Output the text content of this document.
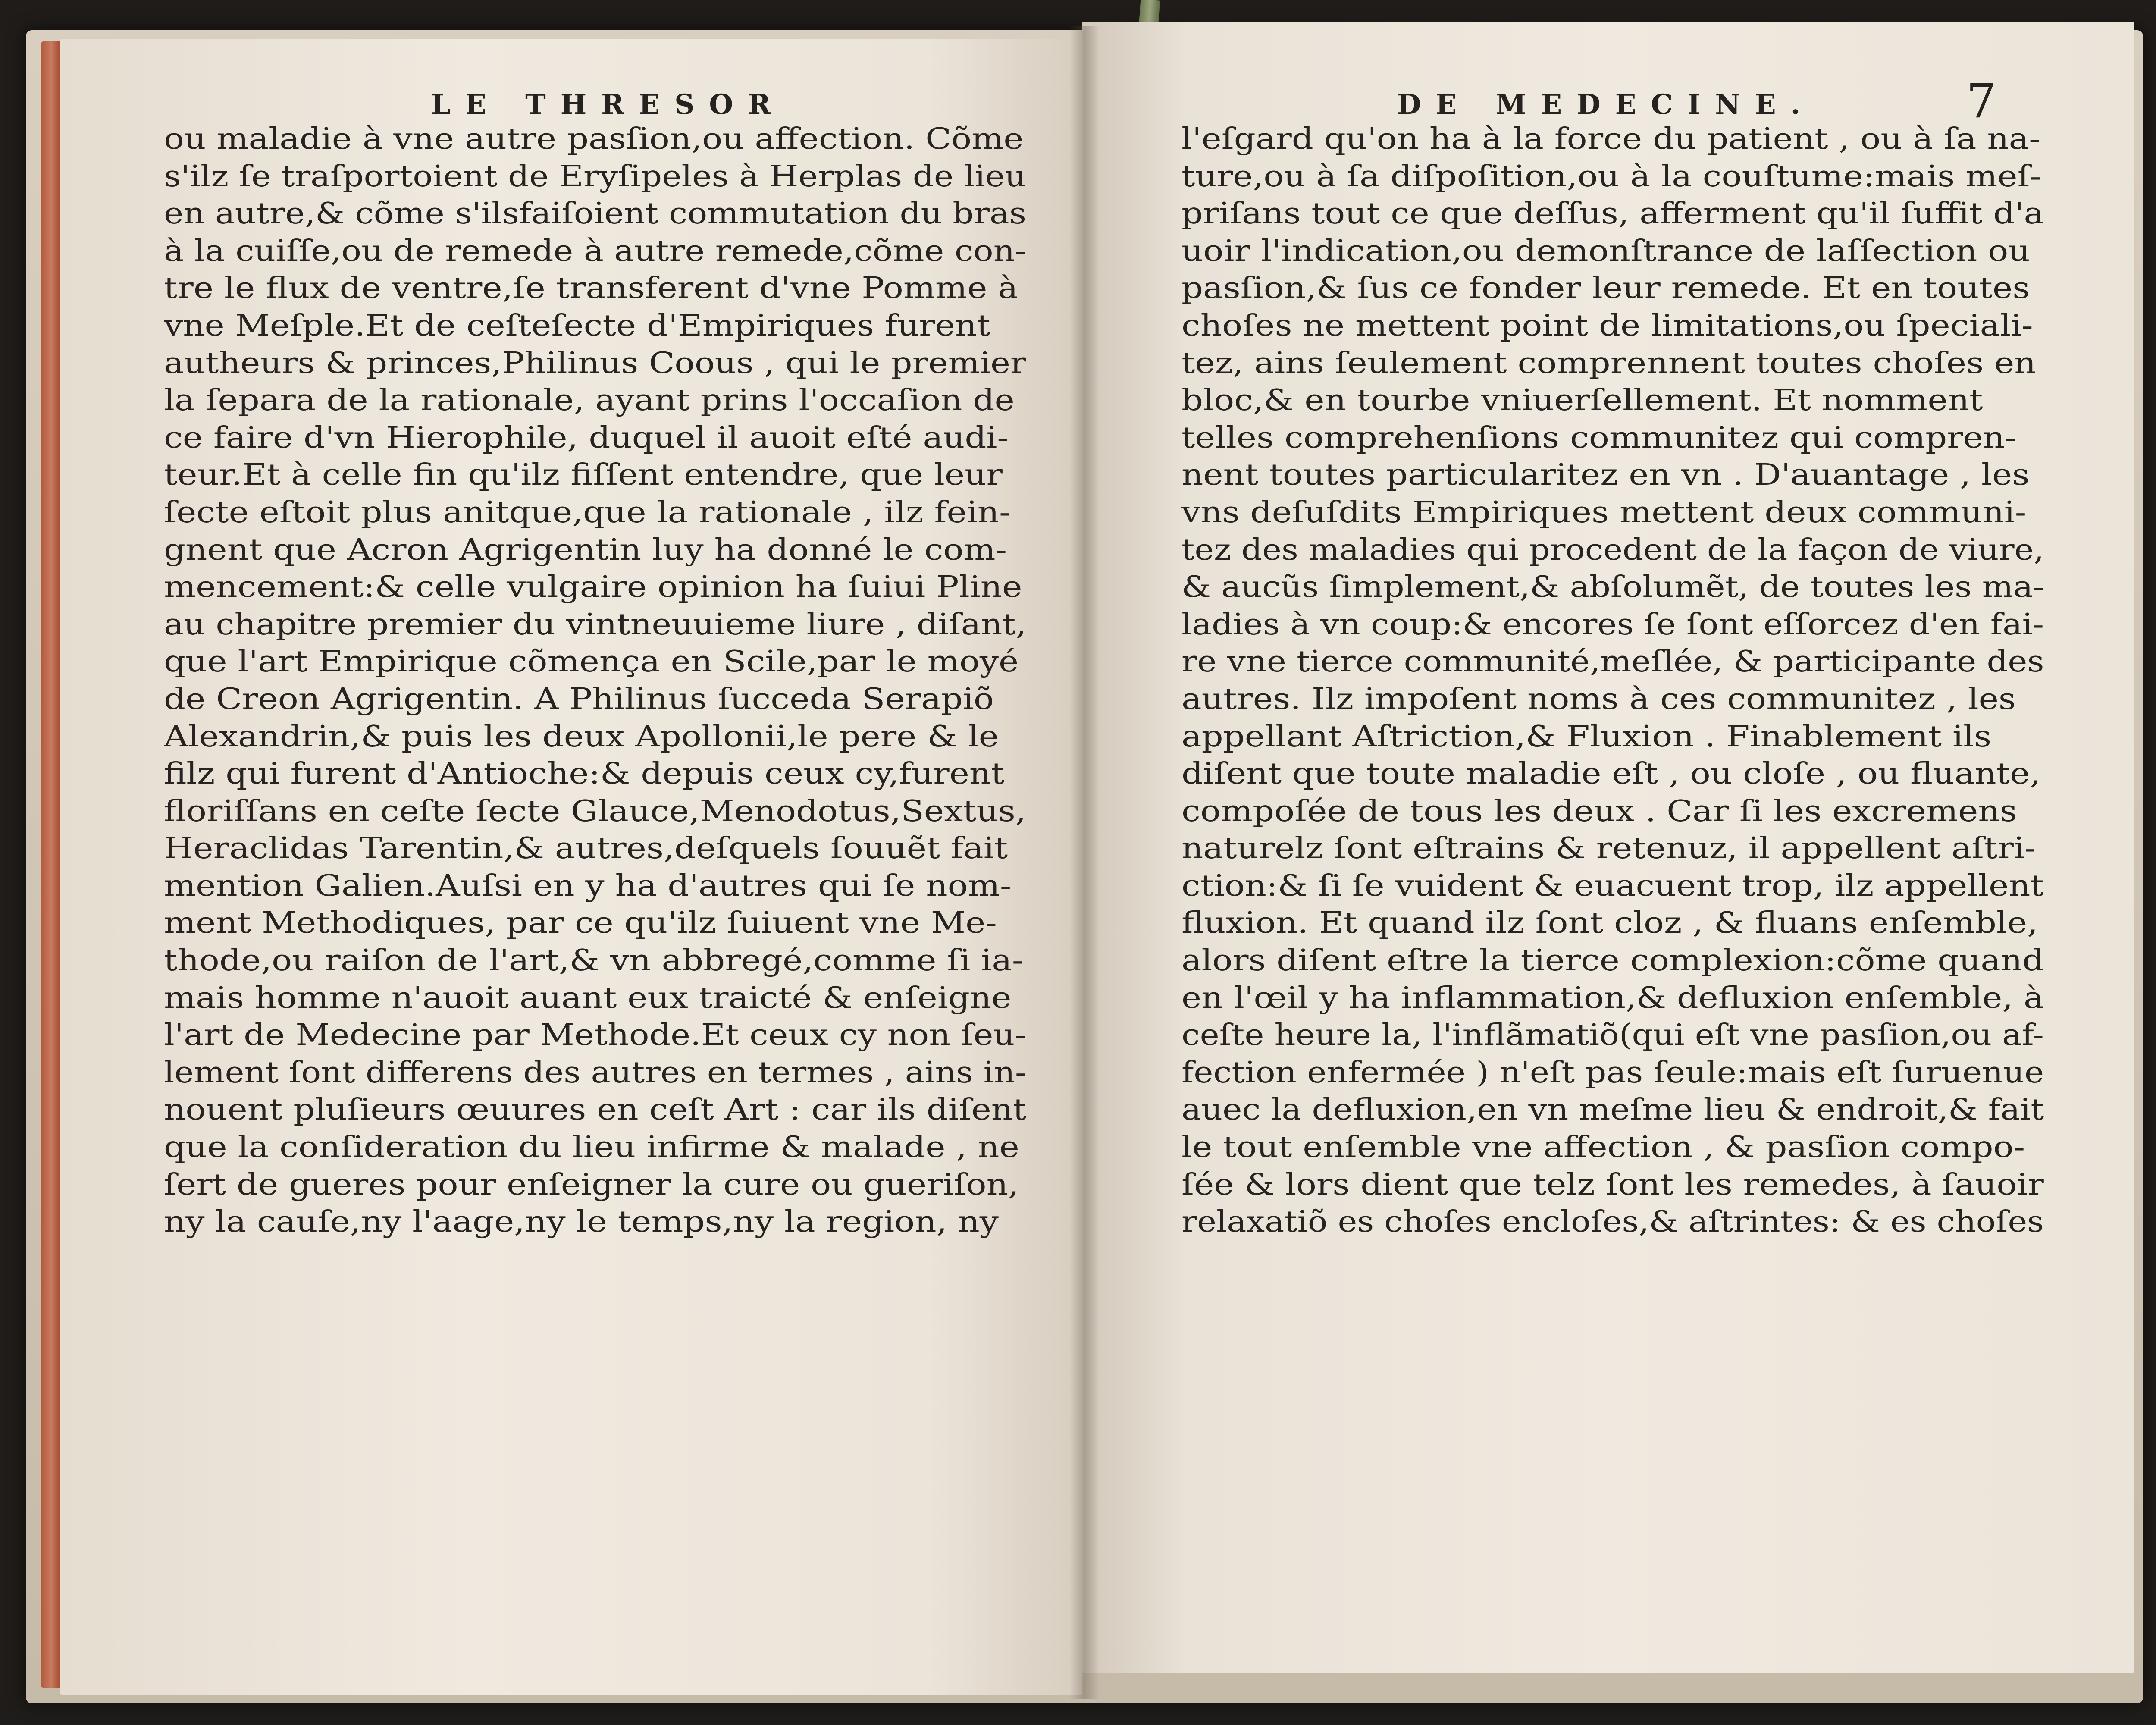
LE THRESOR	DE MEDECINE.	7
ou maladie à vne autre pasſion,ou affection. Cõme
s'ilz ſe traſportoient de Eryſipeles à Herplas de lieu
en autre,& cõme s'ilsfaiſoient commutation du bras
à la cuiſſe,ou de remede à autre remede,cõme con-
tre le flux de ventre,ſe transferent d'vne Pomme à
vne Meſple.Et de ceſteſecte d'Empiriques furent
autheurs & princes,Philinus Coous , qui le premier
la ſepara de la rationale, ayant prins l'occaſion de
ce faire d'vn Hierophile, duquel il auoit eſté audi-
teur.Et à celle fin qu'ilz fiſſent entendre, que leur
ſecte eſtoit plus anitque,que la rationale , ilz fein-
gnent que Acron Agrigentin luy ha donné le com-
mencement:& celle vulgaire opinion ha ſuiui Pline
au chapitre premier du vintneuuieme liure , diſant,
que l'art Empirique cõmença en Scile,par le moyé
de Creon Agrigentin. A Philinus ſucceda Serapiõ
Alexandrin,& puis les deux Apollonii,le pere & le
filz qui furent d'Antioche:& depuis ceux cy,furent
floriſſans en ceſte ſecte Glauce,Menodotus,Sextus,
Heraclidas Tarentin,& autres,deſquels ſouuẽt fait
mention Galien.Auſsi en y ha d'autres qui ſe nom-
ment Methodiques, par ce qu'ilz ſuiuent vne Me-
thode,ou raiſon de l'art,& vn abbregé,comme ſi ia-
mais homme n'auoit auant eux traicté & enſeigne
l'art de Medecine par Methode.Et ceux cy non ſeu-
lement ſont differens des autres en termes , ains in-
nouent pluſieurs œuures en ceſt Art : car ils diſent
que la conſideration du lieu infirme & malade , ne
ſert de gueres pour enſeigner la cure ou gueriſon,
ny la cauſe,ny l'aage,ny le temps,ny la region, ny
l'eſgard qu'on ha à la force du patient , ou à ſa na-
ture,ou à ſa diſpoſition,ou à la couſtume:mais meſ-
priſans tout ce que deſſus, afferment qu'il ſuffit d'a
uoir l'indication,ou demonſtrance de laſſection ou
pasſion,& ſus ce fonder leur remede. Et en toutes
choſes ne mettent point de limitations,ou ſpeciali-
tez, ains ſeulement comprennent toutes choſes en
bloc,& en tourbe vniuerſellement. Et nomment
telles comprehenſions communitez qui compren-
nent toutes particularitez en vn . D'auantage , les
vns deſuſdits Empiriques mettent deux communi-
tez des maladies qui procedent de la façon de viure,
& aucũs ſimplement,& abſolumẽt, de toutes les ma-
ladies à vn coup:& encores ſe ſont eſſorcez d'en fai-
re vne tierce communité,meſlée, & participante des
autres. Ilz impoſent noms à ces communitez , les
appellant Aſtriction,& Fluxion . Finablement ils
diſent que toute maladie eſt , ou cloſe , ou fluante,
compoſée de tous les deux . Car ſi les excremens
naturelz ſont eſtrains & retenuz, il appellent aſtri-
ction:& ſi ſe vuident & euacuent trop, ilz appellent
fluxion. Et quand ilz ſont cloz , & fluans enſemble,
alors diſent eſtre la tierce complexion:cõme quand
en l'œil y ha inflammation,& defluxion enſemble, à
ceſte heure la, l'inflãmatiõ(qui eſt vne pasſion,ou af-
fection enfermée ) n'eſt pas ſeule:mais eſt ſuruenue
auec la defluxion,en vn meſme lieu & endroit,& fait
le tout enſemble vne affection , & pasſion compo-
ſée & lors dient que telz ſont les remedes, à ſauoir
relaxatiõ es choſes encloſes,& aſtrintes: & es choſes
